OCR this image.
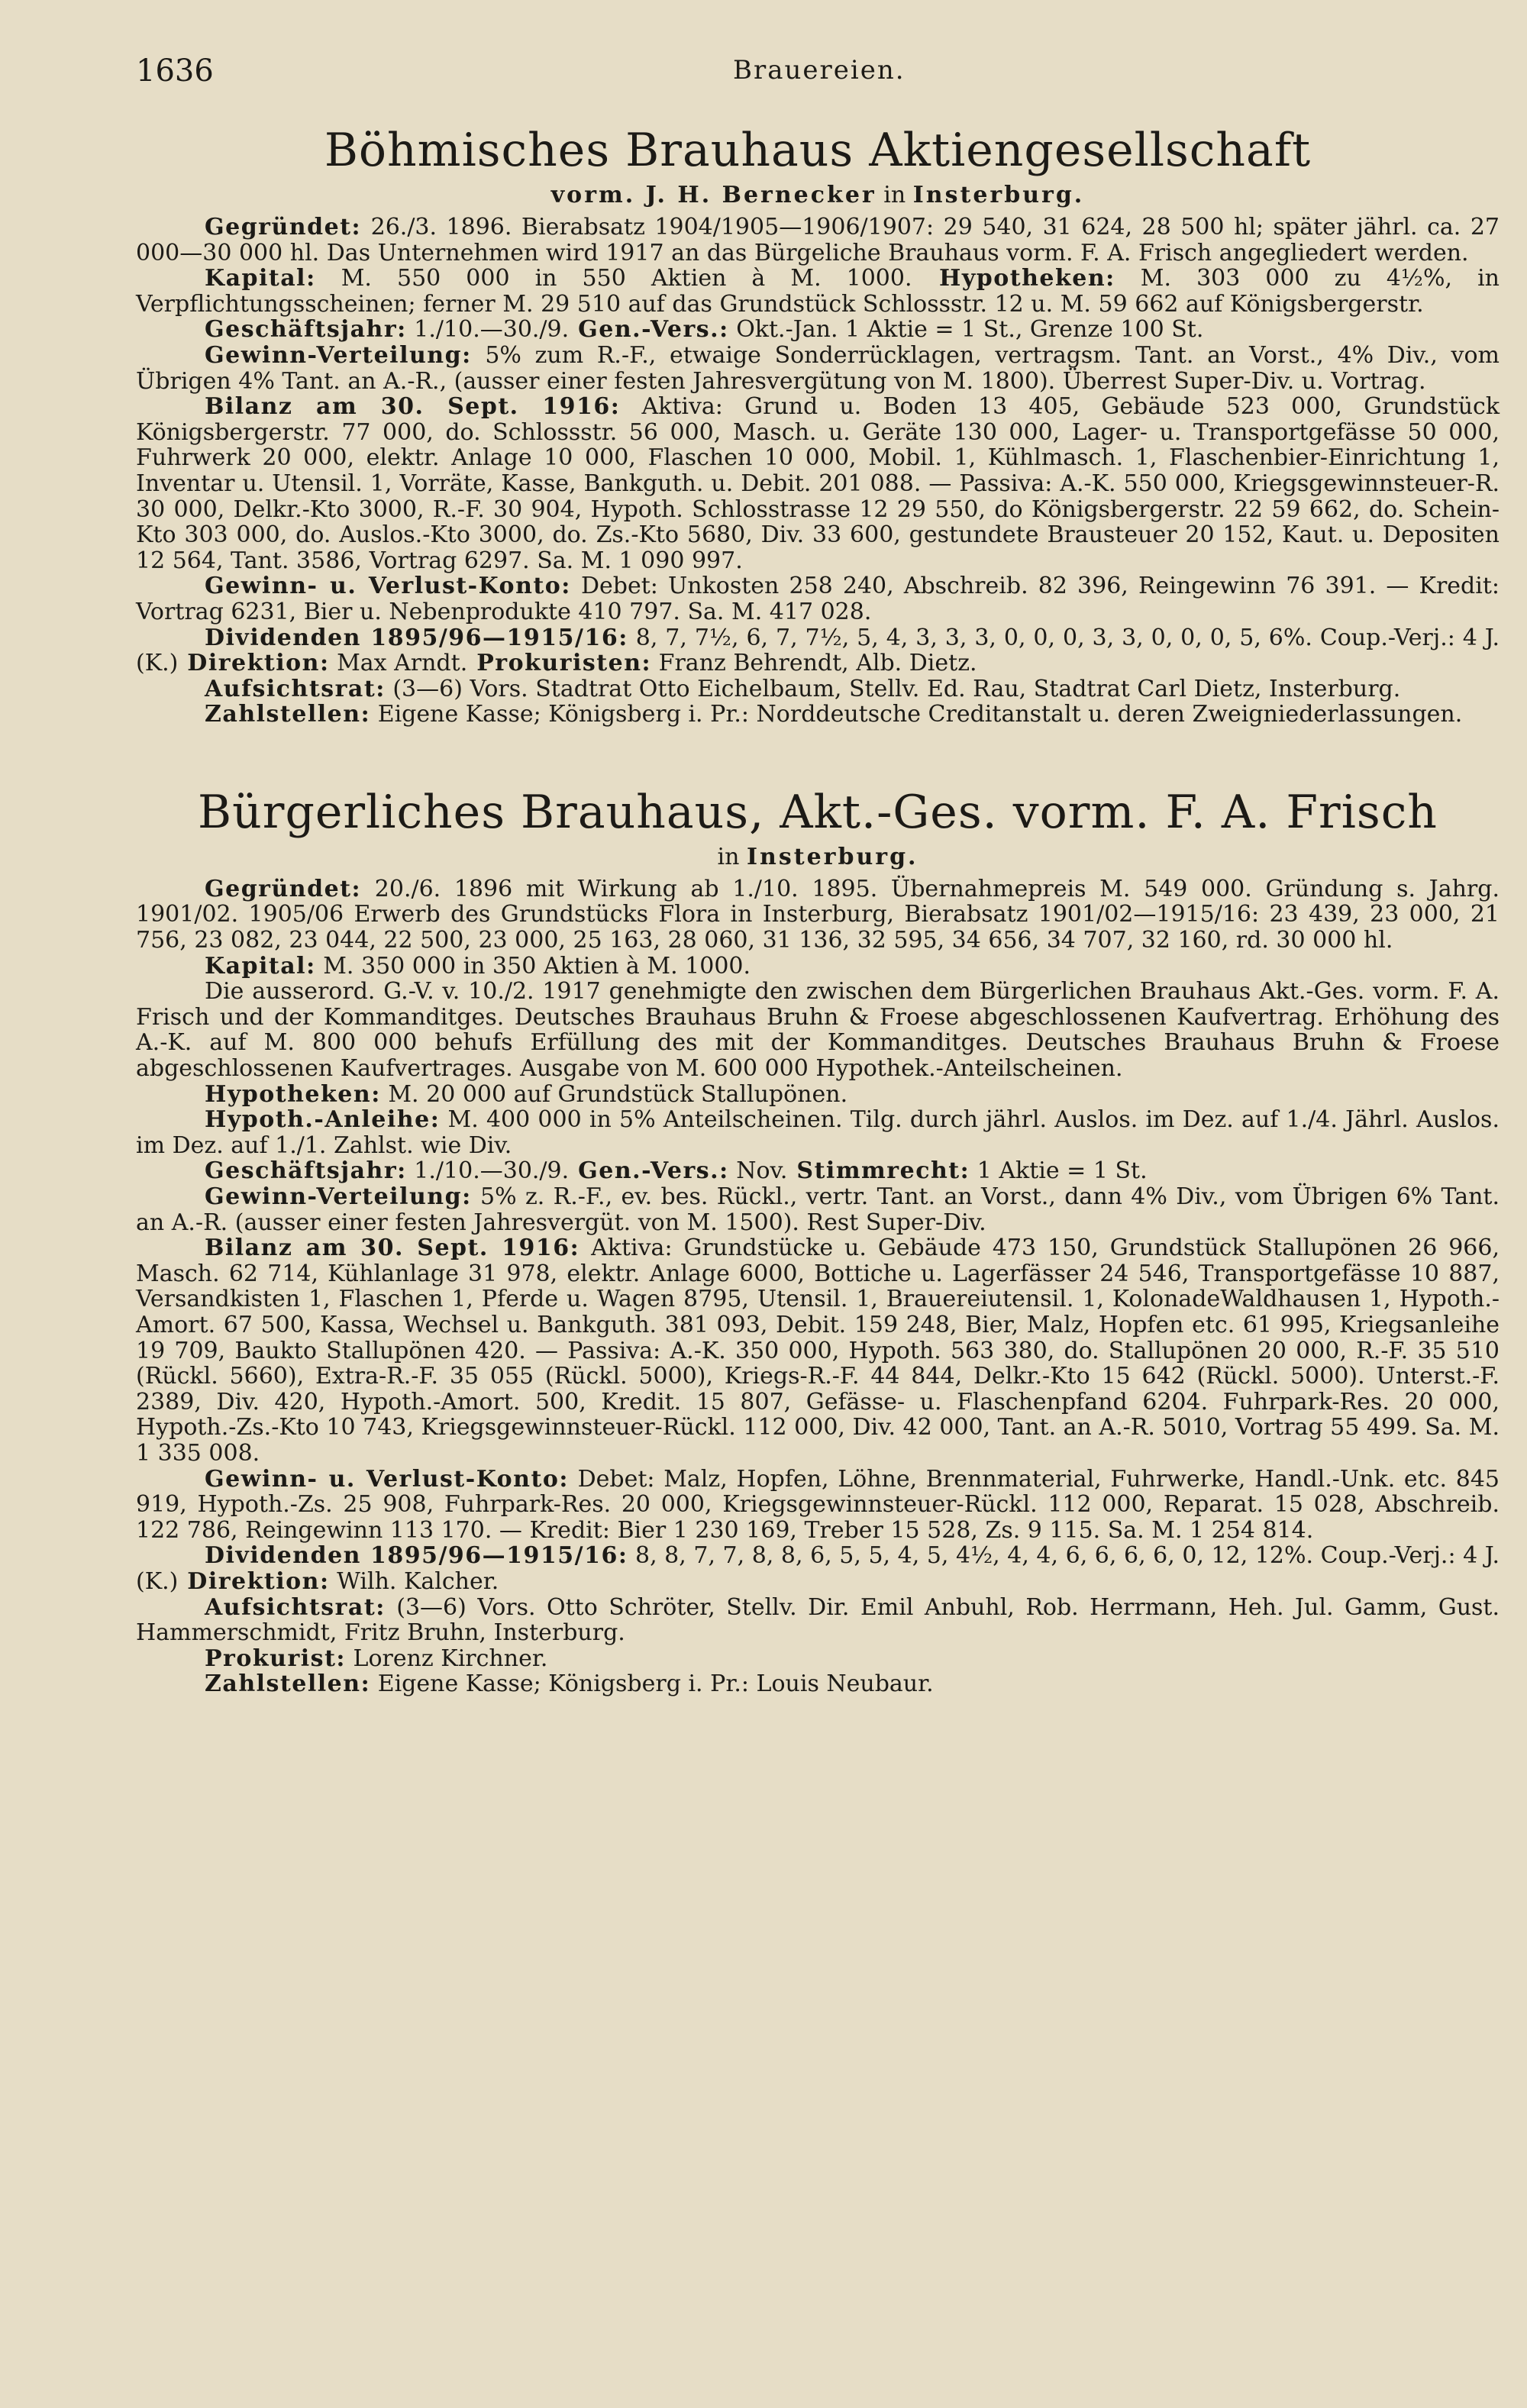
1636	Brauereien.
Böhmisches Brauhaus Aktiengesellschaft
vorm. J. H. Bernecker in Insterburg.

Gegründet: 26./3. 1896. Bierabsatz 1904/1905—1906/1907: 29 540, 31 624, 28 500 hl; später jährl. ca. 27 000—30 000 hl. Das Unternehmen wird 1917 an das Bürgeliche Brauhaus vorm. F. A. Frisch angegliedert werden.

Kapital: M. 550 000 in 550 Aktien à M. 1000. Hypotheken: M. 303 000 zu 4½%, in Verpflichtungsscheinen; ferner M. 29 510 auf das Grundstück Schlossstr. 12 u. M. 59 662 auf Königsbergerstr.

Geschäftsjahr: 1./10.—30./9. Gen.-Vers.: Okt.-Jan. 1 Aktie = 1 St., Grenze 100 St.

Gewinn-Verteilung: 5% zum R.-F., etwaige Sonderrücklagen, vertragsm. Tant. an Vorst., 4% Div., vom Übrigen 4% Tant. an A.-R., (ausser einer festen Jahresvergütung von M. 1800). Überrest Super-Div. u. Vortrag.

Bilanz am 30. Sept. 1916: Aktiva: Grund u. Boden 13 405, Gebäude 523 000, Grundstück Königsbergerstr. 77 000, do. Schlossstr. 56 000, Masch. u. Geräte 130 000, Lager- u. Transportgefässe 50 000, Fuhrwerk 20 000, elektr. Anlage 10 000, Flaschen 10 000, Mobil. 1, Kühlmasch. 1, Flaschenbier-Einrichtung 1, Inventar u. Utensil. 1, Vorräte, Kasse, Bankguth. u. Debit. 201 088. — Passiva: A.-K. 550 000, Kriegsgewinnsteuer-R. 30 000, Delkr.-Kto 3000, R.-F. 30 904, Hypoth. Schlosstrasse 12 29 550, do Königsbergerstr. 22 59 662, do. Schein-Kto 303 000, do. Auslos.-Kto 3000, do. Zs.-Kto 5680, Div. 33 600, gestundete Brausteuer 20 152, Kaut. u. Depositen 12 564, Tant. 3586, Vortrag 6297. Sa. M. 1 090 997.

Gewinn- u. Verlust-Konto: Debet: Unkosten 258 240, Abschreib. 82 396, Reingewinn 76 391. — Kredit: Vortrag 6231, Bier u. Nebenprodukte 410 797. Sa. M. 417 028.

Dividenden 1895/96—1915/16: 8, 7, 7½, 6, 7, 7½, 5, 4, 3, 3, 3, 0, 0, 0, 3, 3, 0, 0, 0, 5, 6%. Coup.-Verj.: 4 J. (K.) Direktion: Max Arndt. Prokuristen: Franz Behrendt, Alb. Dietz.

Aufsichtsrat: (3—6) Vors. Stadtrat Otto Eichelbaum, Stellv. Ed. Rau, Stadtrat Carl Dietz, Insterburg.

Zahlstellen: Eigene Kasse; Königsberg i. Pr.: Norddeutsche Creditanstalt u. deren Zweigniederlassungen.

Bürgerliches Brauhaus, Akt.-Ges. vorm. F. A. Frisch
in Insterburg.

Gegründet: 20./6. 1896 mit Wirkung ab 1./10. 1895. Übernahmepreis M. 549 000. Gründung s. Jahrg. 1901/02. 1905/06 Erwerb des Grundstücks Flora in Insterburg, Bierabsatz 1901/02—1915/16: 23 439, 23 000, 21 756, 23 082, 23 044, 22 500, 23 000, 25 163, 28 060, 31 136, 32 595, 34 656, 34 707, 32 160, rd. 30 000 hl.

Kapital: M. 350 000 in 350 Aktien à M. 1000.

Die ausserord. G.-V. v. 10./2. 1917 genehmigte den zwischen dem Bürgerlichen Brauhaus Akt.-Ges. vorm. F. A. Frisch und der Kommanditges. Deutsches Brauhaus Bruhn & Froese abgeschlossenen Kaufvertrag. Erhöhung des A.-K. auf M. 800 000 behufs Erfüllung des mit der Kommanditges. Deutsches Brauhaus Bruhn & Froese abgeschlossenen Kaufvertrages. Ausgabe von M. 600 000 Hypothek.-Anteilscheinen.

Hypotheken: M. 20 000 auf Grundstück Stallupönen.

Hypoth.-Anleihe: M. 400 000 in 5% Anteilscheinen. Tilg. durch jährl. Auslos. im Dez. auf 1./4. Jährl. Auslos. im Dez. auf 1./1. Zahlst. wie Div.

Geschäftsjahr: 1./10.—30./9. Gen.-Vers.: Nov. Stimmrecht: 1 Aktie = 1 St.

Gewinn-Verteilung: 5% z. R.-F., ev. bes. Rückl., vertr. Tant. an Vorst., dann 4% Div., vom Übrigen 6% Tant. an A.-R. (ausser einer festen Jahresvergüt. von M. 1500). Rest Super-Div.

Bilanz am 30. Sept. 1916: Aktiva: Grundstücke u. Gebäude 473 150, Grundstück Stallupönen 26 966, Masch. 62 714, Kühlanlage 31 978, elektr. Anlage 6000, Bottiche u. Lagerfässer 24 546, Transportgefässe 10 887, Versandkisten 1, Flaschen 1, Pferde u. Wagen 8795, Utensil. 1, Brauereiutensil. 1, KolonadeWaldhausen 1, Hypoth.-Amort. 67 500, Kassa, Wechsel u. Bankguth. 381 093, Debit. 159 248, Bier, Malz, Hopfen etc. 61 995, Kriegsanleihe 19 709, Baukto Stallupönen 420. — Passiva: A.-K. 350 000, Hypoth. 563 380, do. Stallupönen 20 000, R.-F. 35 510 (Rückl. 5660), Extra-R.-F. 35 055 (Rückl. 5000), Kriegs-R.-F. 44 844, Delkr.-Kto 15 642 (Rückl. 5000). Unterst.-F. 2389, Div. 420, Hypoth.-Amort. 500, Kredit. 15 807, Gefässe- u. Flaschenpfand 6204. Fuhrpark-Res. 20 000, Hypoth.-Zs.-Kto 10 743, Kriegsgewinnsteuer-Rückl. 112 000, Div. 42 000, Tant. an A.-R. 5010, Vortrag 55 499. Sa. M. 1 335 008.

Gewinn- u. Verlust-Konto: Debet: Malz, Hopfen, Löhne, Brennmaterial, Fuhrwerke, Handl.-Unk. etc. 845 919, Hypoth.-Zs. 25 908, Fuhrpark-Res. 20 000, Kriegsgewinnsteuer-Rückl. 112 000, Reparat. 15 028, Abschreib. 122 786, Reingewinn 113 170. — Kredit: Bier 1 230 169, Treber 15 528, Zs. 9 115. Sa. M. 1 254 814.

Dividenden 1895/96—1915/16: 8, 8, 7, 7, 8, 8, 6, 5, 5, 4, 5, 4½, 4, 4, 6, 6, 6, 6, 0, 12, 12%. Coup.-Verj.: 4 J. (K.) Direktion: Wilh. Kalcher.

Aufsichtsrat: (3—6) Vors. Otto Schröter, Stellv. Dir. Emil Anbuhl, Rob. Herrmann, Heh. Jul. Gamm, Gust. Hammerschmidt, Fritz Bruhn, Insterburg.

Prokurist: Lorenz Kirchner.

Zahlstellen: Eigene Kasse; Königsberg i. Pr.: Louis Neubaur.
